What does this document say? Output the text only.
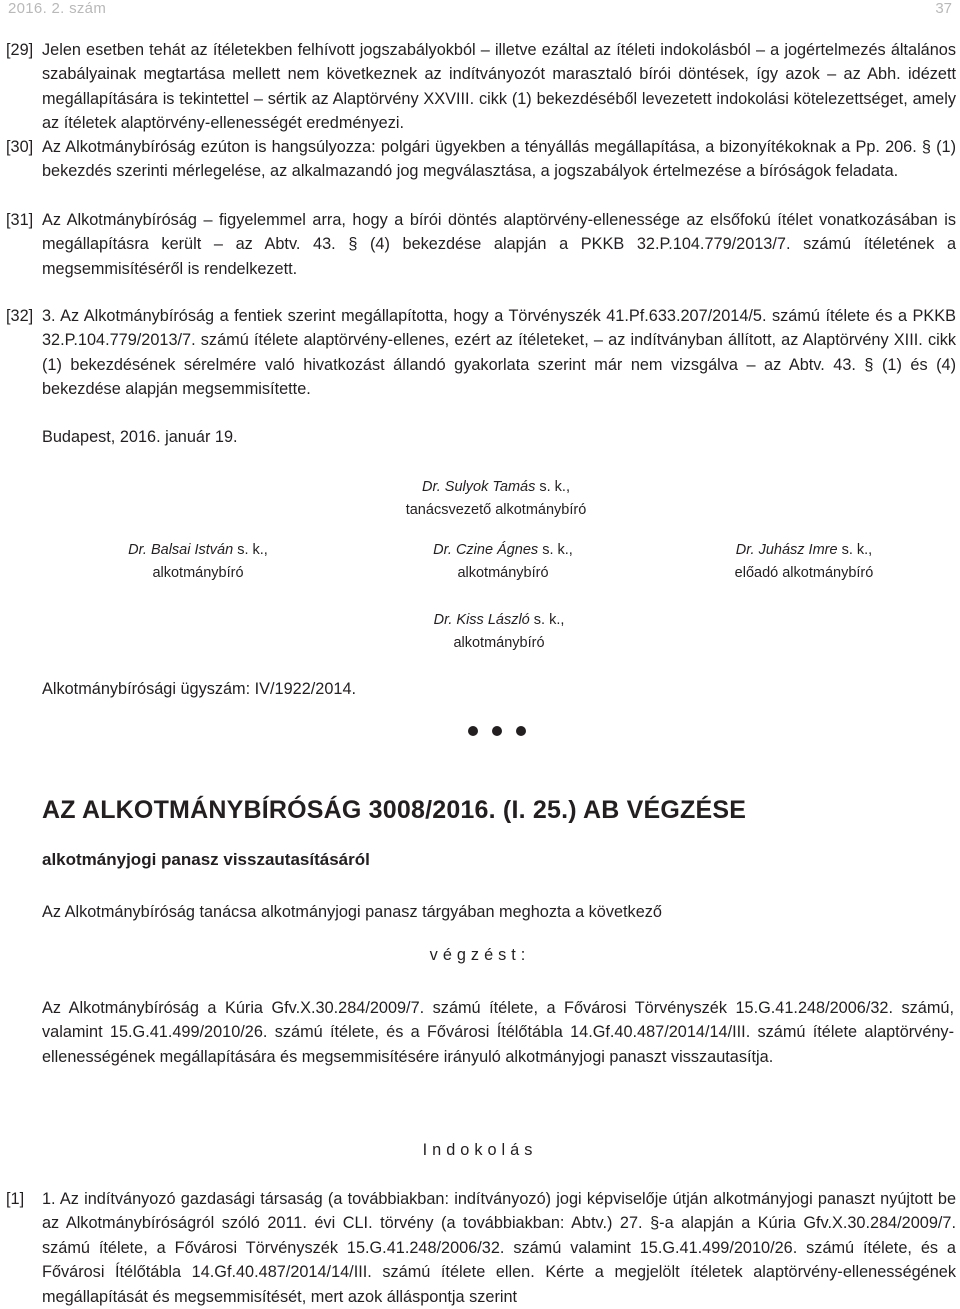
2016. 2. szám	37
[29] Jelen esetben tehát az ítéletekben felhívott jogszabályokból – illetve ezáltal az ítéleti indokolásból – a jogértelmezés általános szabályainak megtartása mellett nem következnek az indítványozót marasztaló bírói döntések, így azok – az Abh. idézett megállapítására is tekintettel – sértik az Alaptörvény XXVIII. cikk (1) bekezdéséből levezetett indokolási kötelezettséget, amely az ítéletek alaptörvény-ellenességét eredményezi.
[30] Az Alkotmánybíróság ezúton is hangsúlyozza: polgári ügyekben a tényállás megállapítása, a bizonyítékoknak a Pp. 206. § (1) bekezdés szerinti mérlegelése, az alkalmazandó jog megválasztása, a jogszabályok értelmezése a bíróságok feladata.
[31] Az Alkotmánybíróság – figyelemmel arra, hogy a bírói döntés alaptörvény-ellenessége az elsőfokú ítélet vonatkozásában is megállapításra került – az Abtv. 43. § (4) bekezdése alapján a PKKB 32.P.104.779/2013/7. számú ítéletének a megsemmisítéséről is rendelkezett.
[32] 3. Az Alkotmánybíróság a fentiek szerint megállapította, hogy a Törvényszék 41.Pf.633.207/2014/5. számú ítélete és a PKKB 32.P.104.779/2013/7. számú ítélete alaptörvény-ellenes, ezért az ítéleteket, – az indítványban állított, az Alaptörvény XIII. cikk (1) bekezdésének sérelmére való hivatkozást állandó gyakorlata szerint már nem vizsgálva – az Abtv. 43. § (1) és (4) bekezdése alapján megsemmisítette.
Budapest, 2016. január 19.
Dr. Sulyok Tamás s. k.,
tanácsvezető alkotmánybíró
Dr. Balsai István s. k.,
alkotmánybíró
Dr. Czine Ágnes s. k.,
alkotmánybíró
Dr. Juhász Imre s. k.,
előadó alkotmánybíró
Dr. Kiss László s. k.,
alkotmánybíró
Alkotmánybírósági ügyszám: IV/1922/2014.
AZ ALKOTMÁNYBÍRÓSÁG 3008/2016. (I. 25.) AB VÉGZÉSE
alkotmányjogi panasz visszautasításáról
Az Alkotmánybíróság tanácsa alkotmányjogi panasz tárgyában meghozta a következő
végzést:
Az Alkotmánybíróság a Kúria Gfv.X.30.284/2009/7. számú ítélete, a Fővárosi Törvényszék 15.G.41.248/2006/32. számú, valamint 15.G.41.499/2010/26. számú ítélete, és a Fővárosi Ítélőtábla 14.Gf.40.487/2014/14/III. számú ítélete alaptörvény-ellenességének megállapítására és megsemmisítésére irányuló alkotmányjogi panaszt visszautasítja.
Indokolás
[1] 1. Az indítványozó gazdasági társaság (a továbbiakban: indítványozó) jogi képviselője útján alkotmányjogi panaszt nyújtott be az Alkotmánybíróságról szóló 2011. évi CLI. törvény (a továbbiakban: Abtv.) 27. §-a alapján a Kúria Gfv.X.30.284/2009/7. számú ítélete, a Fővárosi Törvényszék 15.G.41.248/2006/32. számú valamint 15.G.41.499/2010/26. számú ítélete, és a Fővárosi Ítélőtábla 14.Gf.40.487/2014/14/III. számú ítélete ellen. Kérte a megjelölt ítéletek alaptörvény-ellenességének megállapítását és megsemmisítését, mert azok álláspontja szerint
